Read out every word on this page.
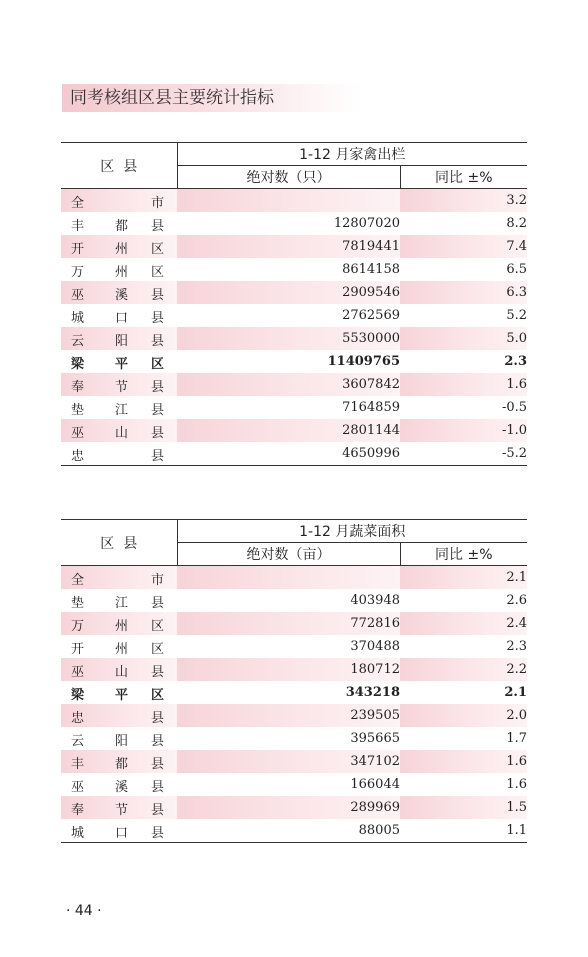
同考核组区县主要统计指标
区  县	1-12 月家禽出栏	
	绝对数（只）	同比 ±%

全 市		3.2

丰 都 县	12807020	8.2

开 州 区	7819441	7.4

万 州 区	8614158	6.5

巫 溪 县	2909546	6.3

城 口 县	2762569	5.2

云 阳 县	5530000	5.0

梁 平 区	11409765	2.3

奉 节 县	3607842	1.6

垫 江 县	7164859	-0.5

巫 山 县	2801144	-1.0

忠 县	4650996	-5.2
区  县	1-12 月蔬菜面积	
	绝对数（亩）	同比 ±%

全 市		2.1

垫 江 县	403948	2.6

万 州 区	772816	2.4

开 州 区	370488	2.3

巫 山 县	180712	2.2

梁 平 区	343218	2.1

忠 县	239505	2.0

云 阳 县	395665	1.7

丰 都 县	347102	1.6

巫 溪 县	166044	1.6

奉 节 县	289969	1.5

城 口 县	88005	1.1
· 44 ·
